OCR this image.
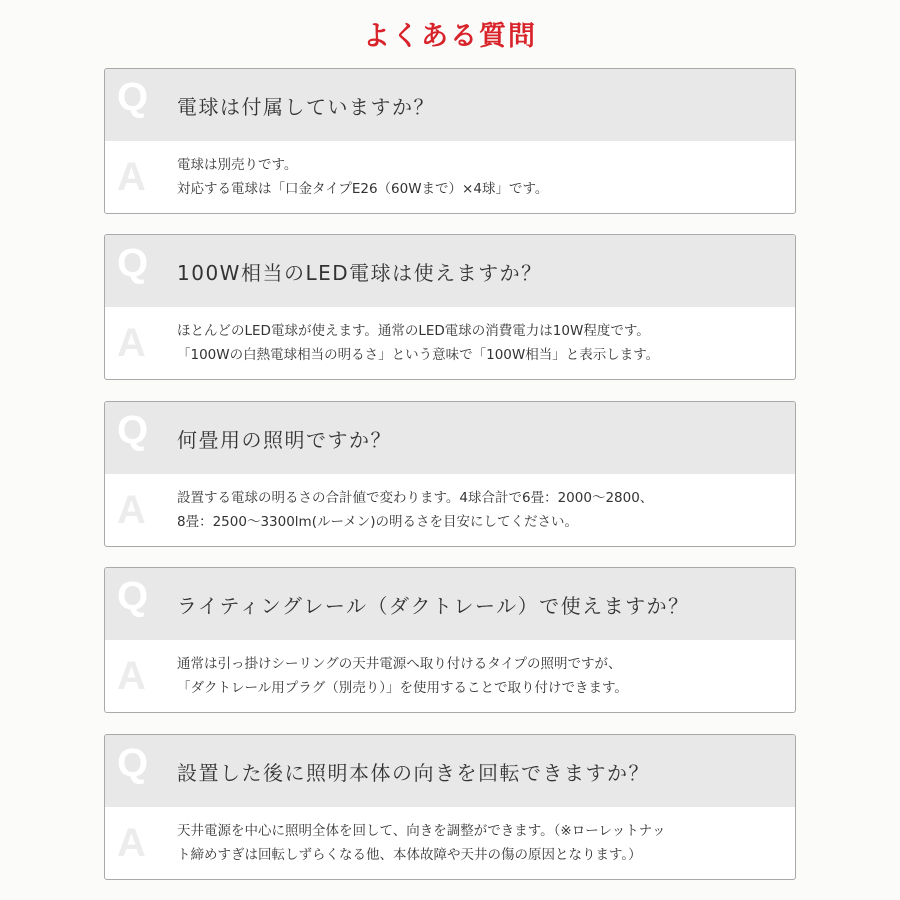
よくある質問
Q 電球は付属していますか？
A 電球は別売りです。
対応する電球は「口金タイプE26（60Wまで）×4球」です。
Q 100W相当のLED電球は使えますか？
A ほとんどのLED電球が使えます。通常のLED電球の消費電力は10W程度です。
「100Wの白熱電球相当の明るさ」という意味で「100W相当」と表示します。
Q 何畳用の照明ですか？
A 設置する電球の明るさの合計値で変わります。4球合計で6畳：2000～2800、
8畳：2500～3300lm(ルーメン)の明るさを目安にしてください。
Q ライティングレール（ダクトレール）で使えますか？
A 通常は引っ掛けシーリングの天井電源へ取り付けるタイプの照明ですが、
「ダクトレール用プラグ（別売り）」を使用することで取り付けできます。
Q 設置した後に照明本体の向きを回転できますか？
A 天井電源を中心に照明全体を回して、向きを調整ができます。（※ローレットナッ
ト締めすぎは回転しずらくなる他、本体故障や天井の傷の原因となります。）
